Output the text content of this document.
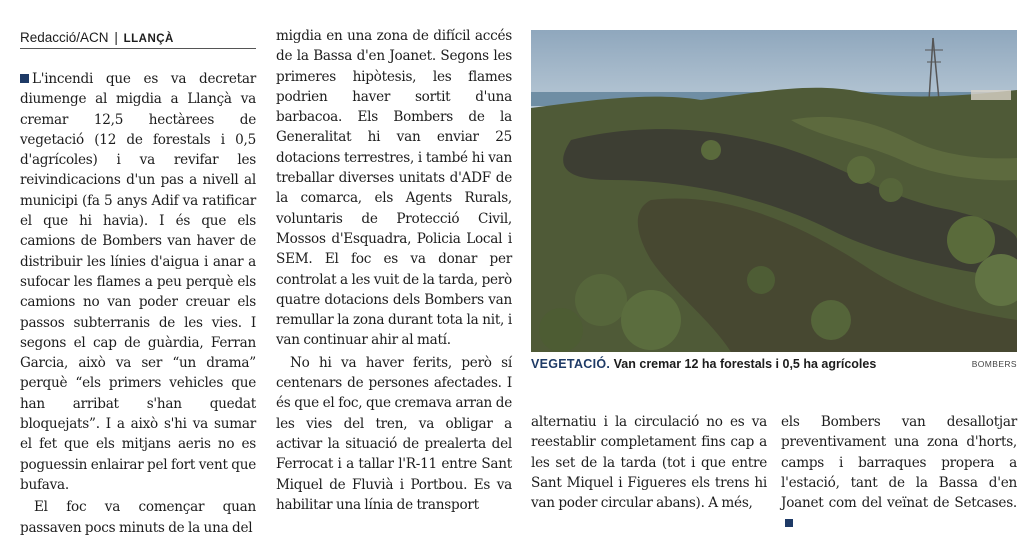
Redacció/ACN | LLANÇÀ

L'incendi que es va decretar diumenge al migdia a Llançà va cremar 12,5 hectàrees de vegetació (12 de forestals i 0,5 d'agrícoles) i va revifar les reivindicacions d'un pas a nivell al municipi (fa 5 anys Adif va ratificar el que hi havia). I és que els camions de Bombers van haver de distribuir les línies d'aigua i anar a sufocar les flames a peu perquè els camions no van poder creuar els passos subterranis de les vies. I segons el cap de guàrdia, Ferran Garcia, això va ser “un drama” perquè “els primers vehicles que han arribat s'han quedat bloquejats”. I a això s'hi va sumar el fet que els mitjans aeris no es poguessin enlairar pel fort vent que bufava.

El foc va començar quan passaven pocs minuts de la una del

migdia en una zona de difícil accés de la Bassa d'en Joanet. Segons les primeres hipòtesis, les flames podrien haver sortit d'una barbacoa. Els Bombers de la Generalitat hi van enviar 25 dotacions terrestres, i també hi van treballar diverses unitats d'ADF de la comarca, els Agents Rurals, voluntaris de Protecció Civil, Mossos d'Esquadra, Policia Local i SEM. El foc es va donar per controlat a les vuit de la tarda, però quatre dotacions dels Bombers van remullar la zona durant tota la nit, i van continuar ahir al matí.

No hi va haver ferits, però sí centenars de persones afectades. I és que el foc, que cremava arran de les vies del tren, va obligar a activar la situació de prealerta del Ferrocat i a tallar l'R-11 entre Sant Miquel de Fluvià i Portbou. Es va habilitar una línia de transport

VEGETACIÓ. Van cremar 12 ha forestals i 0,5 ha agrícoles	BOMBERS

alternatiu i la circulació no es va reestablir completament fins cap a les set de la tarda (tot i que entre Sant Miquel i Figueres els trens hi van poder circular abans). A més,

els Bombers van desallotjar preventivament una zona d'horts, camps i barraques propera a l'estació, tant de la Bassa d'en Joanet com del veïnat de Setcases.
